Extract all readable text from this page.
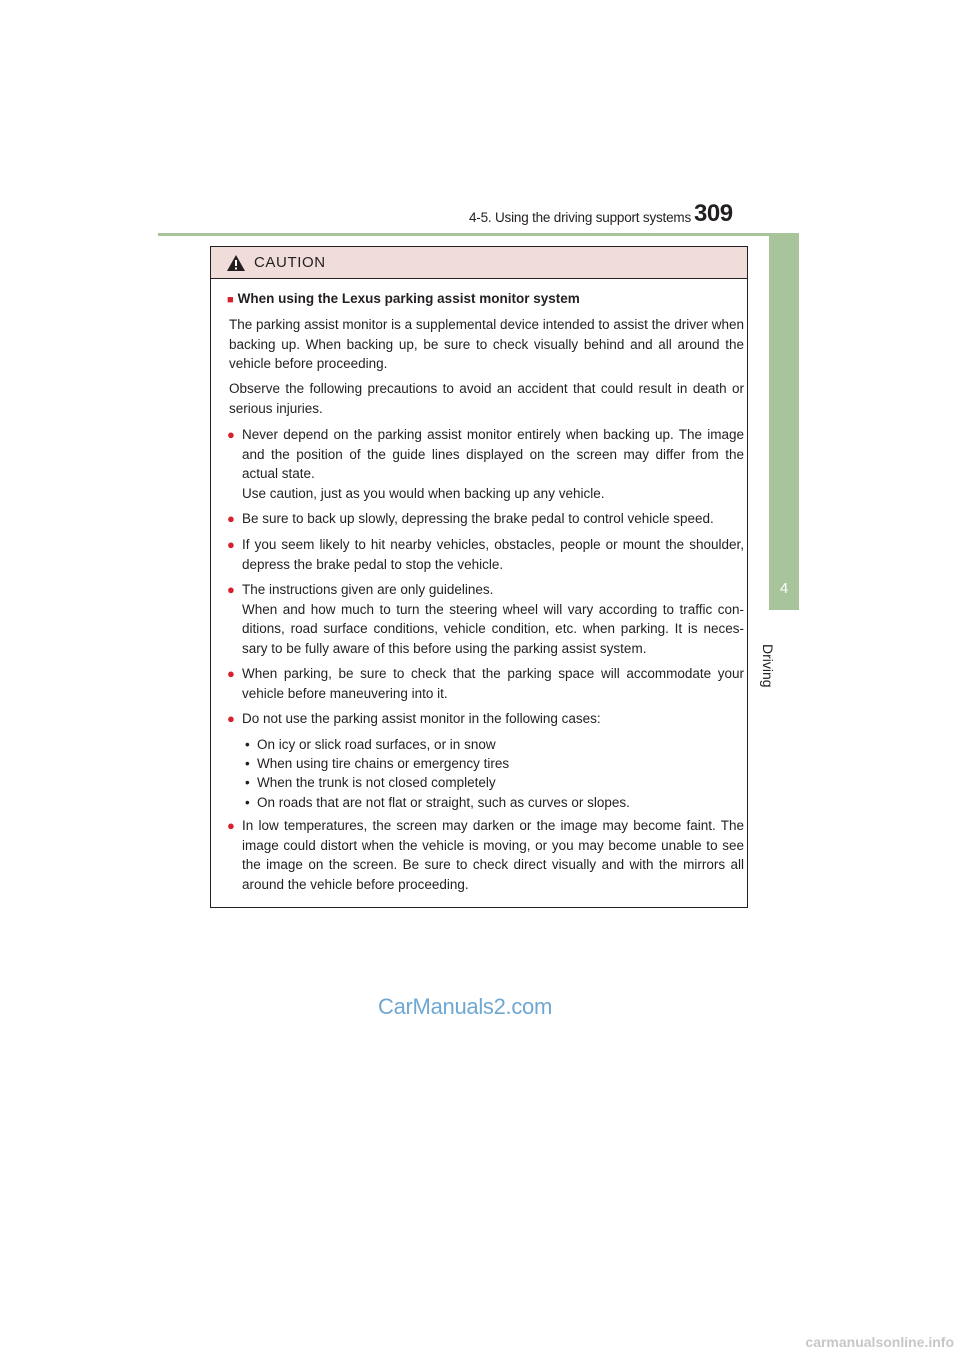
4-5. Using the driving support systems 309
4
Driving
CAUTION
■ When using the Lexus parking assist monitor system
The parking assist monitor is a supplemental device intended to assist the driver when backing up. When backing up, be sure to check visually behind and all around the vehicle before proceeding.
Observe the following precautions to avoid an accident that could result in death or serious injuries.
● Never depend on the parking assist monitor entirely when backing up. The image and the position of the guide lines displayed on the screen may differ from the actual state.
Use caution, just as you would when backing up any vehicle.
● Be sure to back up slowly, depressing the brake pedal to control vehicle speed.
● If you seem likely to hit nearby vehicles, obstacles, people or mount the shoulder, depress the brake pedal to stop the vehicle.
● The instructions given are only guidelines.
When and how much to turn the steering wheel will vary according to traffic con-ditions, road surface conditions, vehicle condition, etc. when parking. It is neces-sary to be fully aware of this before using the parking assist system.
● When parking, be sure to check that the parking space will accommodate your vehicle before maneuvering into it.
● Do not use the parking assist monitor in the following cases:
• On icy or slick road surfaces, or in snow
• When using tire chains or emergency tires
• When the trunk is not closed completely
• On roads that are not flat or straight, such as curves or slopes.
● In low temperatures, the screen may darken or the image may become faint. The image could distort when the vehicle is moving, or you may become unable to see the image on the screen. Be sure to check direct visually and with the mirrors all around the vehicle before proceeding.
CarManuals2.com
carmanualsonline.info
